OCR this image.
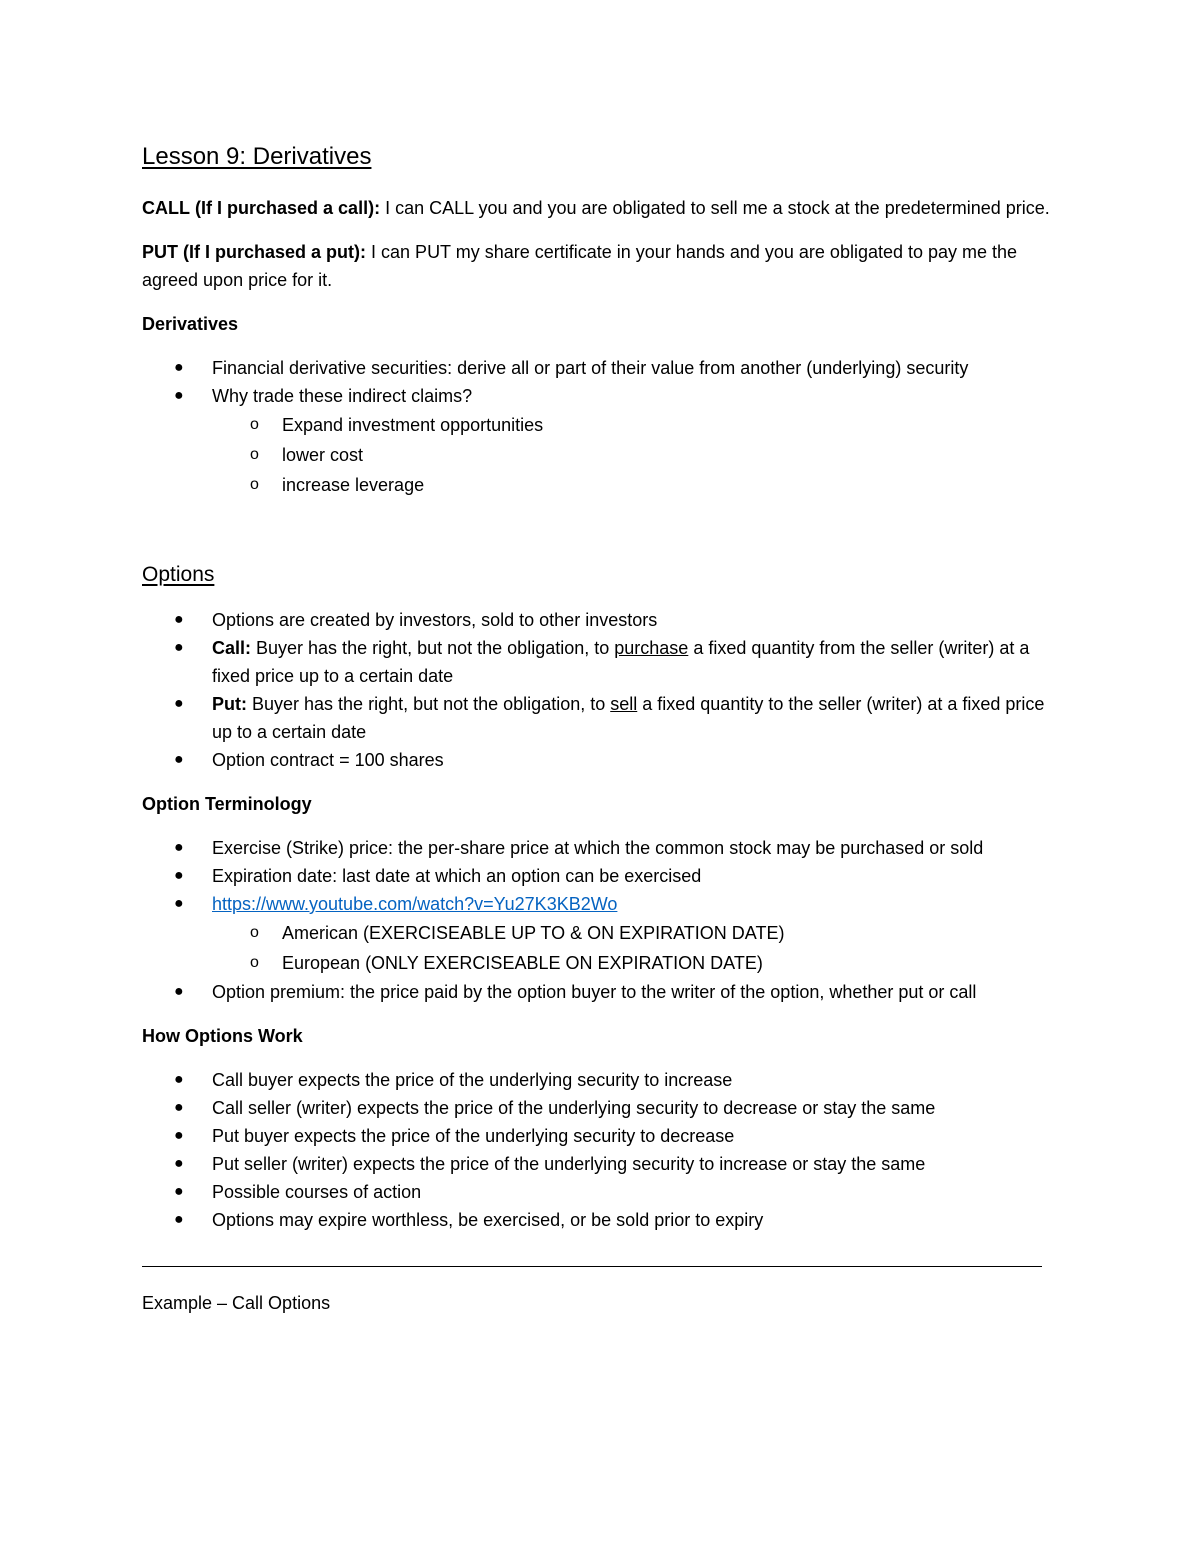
Lesson 9: Derivatives

CALL (If I purchased a call): I can CALL you and you are obligated to sell me a stock at the predetermined price.

PUT (If I purchased a put): I can PUT my share certificate in your hands and you are obligated to pay me the agreed upon price for it.

Derivatives
● Financial derivative securities: derive all or part of their value from another (underlying) security
● Why trade these indirect claims?
o Expand investment opportunities
o lower cost
o increase leverage
Options
● Options are created by investors, sold to other investors
● Call: Buyer has the right, but not the obligation, to purchase a fixed quantity from the seller (writer) at a fixed price up to a certain date
● Put: Buyer has the right, but not the obligation, to sell a fixed quantity to the seller (writer) at a fixed price up to a certain date
● Option contract = 100 shares
Option Terminology
● Exercise (Strike) price: the per-share price at which the common stock may be purchased or sold
● Expiration date: last date at which an option can be exercised
● https://www.youtube.com/watch?v=Yu27K3KB2Wo
o American (EXERCISEABLE UP TO & ON EXPIRATION DATE)
o European (ONLY EXERCISEABLE ON EXPIRATION DATE)
● Option premium: the price paid by the option buyer to the writer of the option, whether put or call
How Options Work
● Call buyer expects the price of the underlying security to increase
● Call seller (writer) expects the price of the underlying security to decrease or stay the same
● Put buyer expects the price of the underlying security to decrease
● Put seller (writer) expects the price of the underlying security to increase or stay the same
● Possible courses of action
● Options may expire worthless, be exercised, or be sold prior to expiry

Example – Call Options
